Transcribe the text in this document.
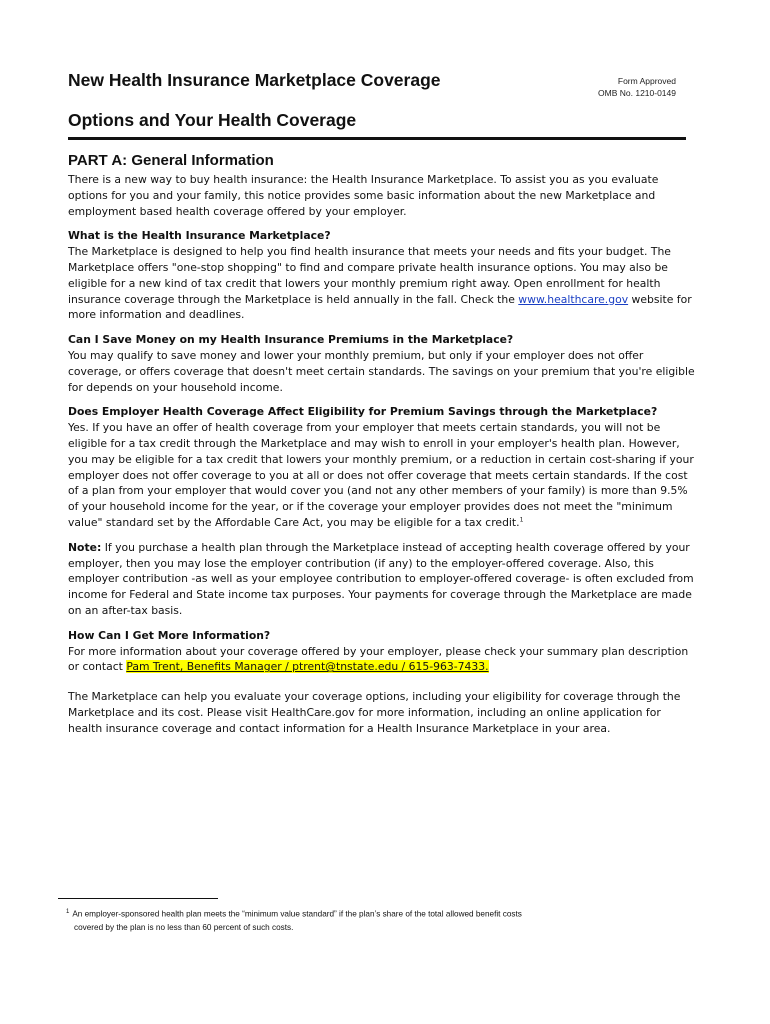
New Health Insurance Marketplace Coverage
Options and Your Health Coverage
Form Approved
OMB No. 1210-0149
PART A: General Information

There is a new way to buy health insurance: the Health Insurance Marketplace. To assist you as you evaluate options for you and your family, this notice provides some basic information about the new Marketplace and employment based health coverage offered by your employer.

What is the Health Insurance Marketplace?

The Marketplace is designed to help you find health insurance that meets your needs and fits your budget. The Marketplace offers "one-stop shopping" to find and compare private health insurance options. You may also be eligible for a new kind of tax credit that lowers your monthly premium right away. Open enrollment for health insurance coverage through the Marketplace is held annually in the fall. Check the www.healthcare.gov website for more information and deadlines.

Can I Save Money on my Health Insurance Premiums in the Marketplace?

You may qualify to save money and lower your monthly premium, but only if your employer does not offer coverage, or offers coverage that doesn't meet certain standards. The savings on your premium that you're eligible for depends on your household income.

Does Employer Health Coverage Affect Eligibility for Premium Savings through the Marketplace?

Yes. If you have an offer of health coverage from your employer that meets certain standards, you will not be eligible for a tax credit through the Marketplace and may wish to enroll in your employer's health plan. However, you may be eligible for a tax credit that lowers your monthly premium, or a reduction in certain cost-sharing if your employer does not offer coverage to you at all or does not offer coverage that meets certain standards. If the cost of a plan from your employer that would cover you (and not any other members of your family) is more than 9.5% of your household income for the year, or if the coverage your employer provides does not meet the "minimum value" standard set by the Affordable Care Act, you may be eligible for a tax credit.$^1$

Note: If you purchase a health plan through the Marketplace instead of accepting health coverage offered by your employer, then you may lose the employer contribution (if any) to the employer-offered coverage. Also, this employer contribution -as well as your employee contribution to employer-offered coverage- is often excluded from income for Federal and State income tax purposes. Your payments for coverage through the Marketplace are made on an after-tax basis.

How Can I Get More Information?

For more information about your coverage offered by your employer, please check your summary plan description or contact Pam Trent, Benefits Manager / ptrent@tnstate.edu / 615-963-7433.

The Marketplace can help you evaluate your coverage options, including your eligibility for coverage through the Marketplace and its cost. Please visit HealthCare.gov for more information, including an online application for health insurance coverage and contact information for a Health Insurance Marketplace in your area.

$^1$ An employer-sponsored health plan meets the “minimum value standard” if the plan’s share of the total allowed benefit costs

covered by the plan is no less than 60 percent of such costs.
